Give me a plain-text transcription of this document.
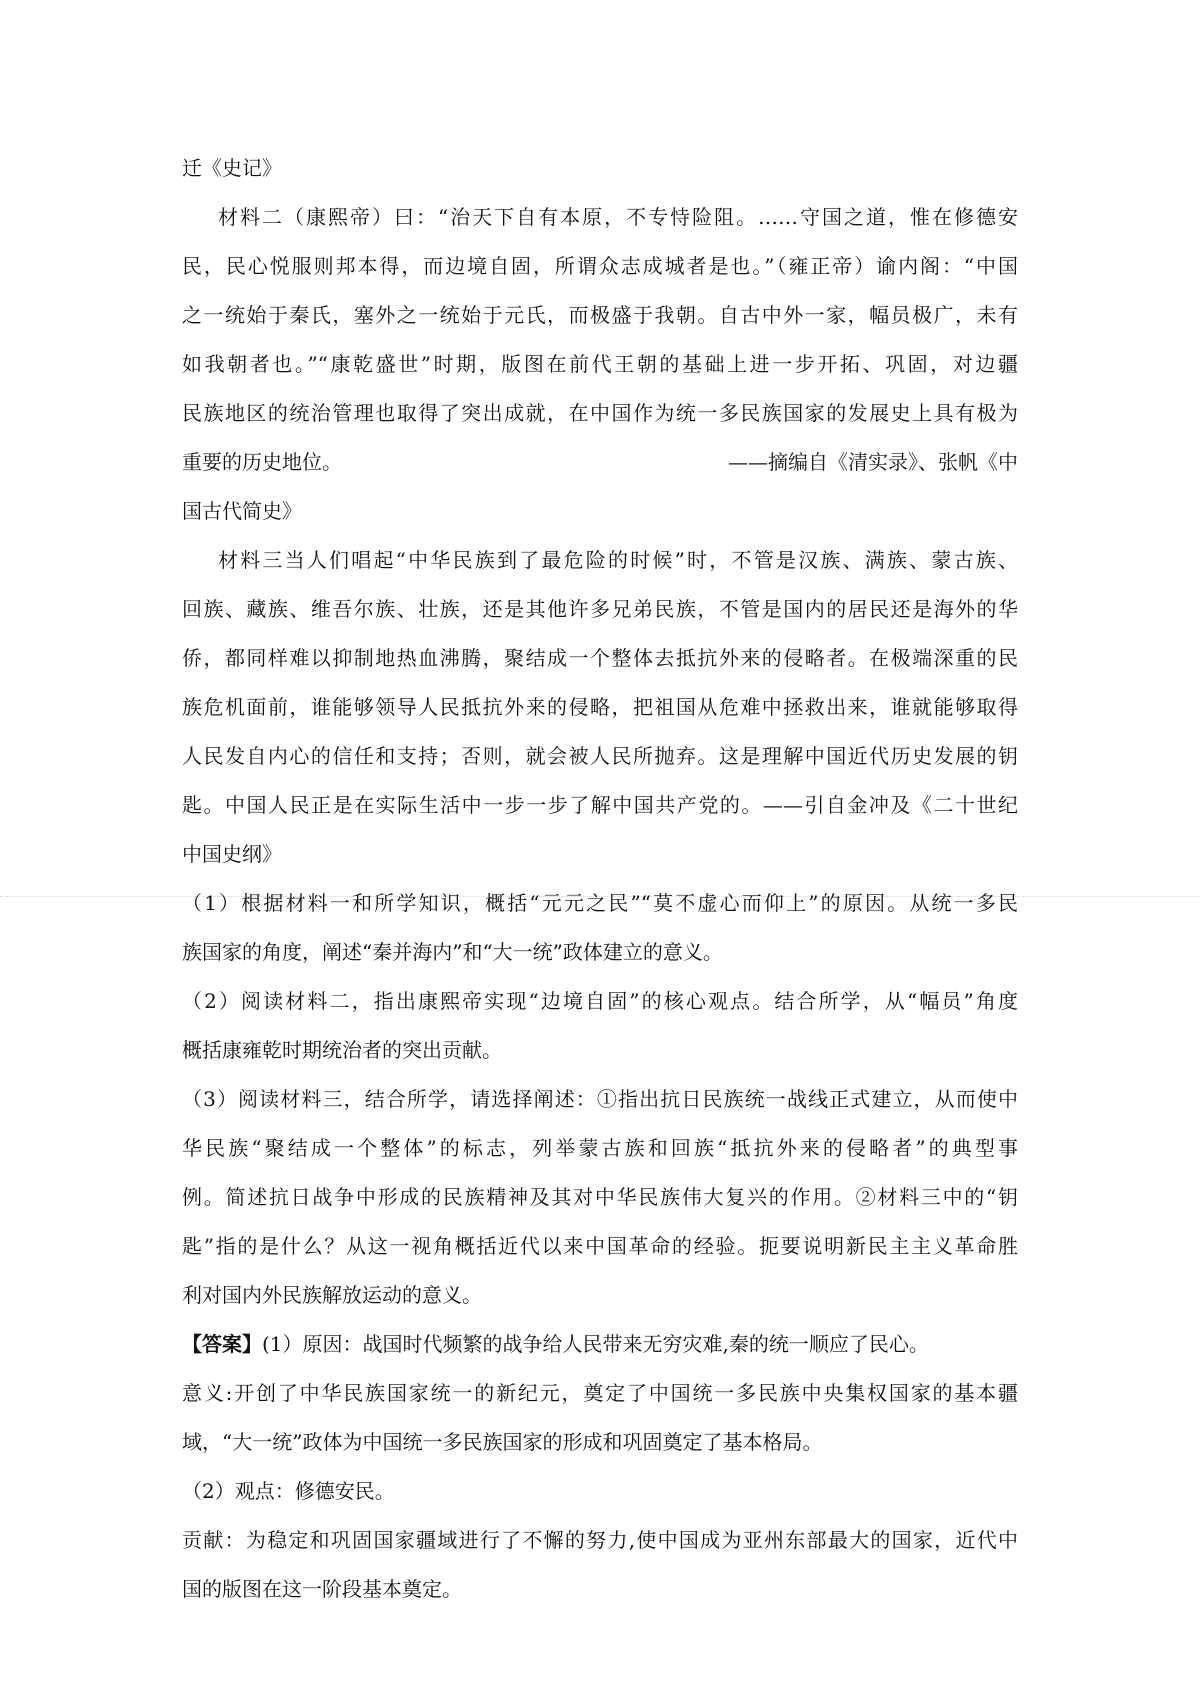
迁《史记》
材料二（康熙帝）曰：“治天下自有本原，不专恃险阻。……守国之道，惟在修德安
民，民心悦服则邦本得，而边境自固，所谓众志成城者是也。”（雍正帝）谕内阁：“中国
之一统始于秦氏，塞外之一统始于元氏，而极盛于我朝。自古中外一家，幅员极广，未有
如我朝者也。”“康乾盛世”时期，版图在前代王朝的基础上进一步开拓、巩固，对边疆
民族地区的统治管理也取得了突出成就，在中国作为统一多民族国家的发展史上具有极为
重要的历史地位。	——摘编自《清实录》、张帆《中
国古代简史》
材料三当人们唱起“中华民族到了最危险的时候”时，不管是汉族、满族、蒙古族、
回族、藏族、维吾尔族、壮族，还是其他许多兄弟民族，不管是国内的居民还是海外的华
侨，都同样难以抑制地热血沸腾，聚结成一个整体去抵抗外来的侵略者。在极端深重的民
族危机面前，谁能够领导人民抵抗外来的侵略，把祖国从危难中拯救出来，谁就能够取得
人民发自内心的信任和支持；否则，就会被人民所抛弃。这是理解中国近代历史发展的钥
匙。中国人民正是在实际生活中一步一步了解中国共产党的。——引自金冲及《二十世纪
中国史纲》
（1）根据材料一和所学知识，概括“元元之民”“莫不虚心而仰上”的原因。从统一多民
族国家的角度，阐述“秦并海内”和“大一统”政体建立的意义。
（2）阅读材料二，指出康熙帝实现“边境自固”的核心观点。结合所学，从“幅员”角度
概括康雍乾时期统治者的突出贡献。
（3）阅读材料三，结合所学，请选择阐述：①指出抗日民族统一战线正式建立，从而使中
华民族“聚结成一个整体”的标志，列举蒙古族和回族“抵抗外来的侵略者”的典型事
例。简述抗日战争中形成的民族精神及其对中华民族伟大复兴的作用。②材料三中的“钥
匙”指的是什么？从这一视角概括近代以来中国革命的经验。扼要说明新民主主义革命胜
利对国内外民族解放运动的意义。
【答案】(1）原因：战国时代频繁的战争给人民带来无穷灾难,秦的统一顺应了民心。
意义:开创了中华民族国家统一的新纪元，奠定了中国统一多民族中央集权国家的基本疆
域，“大一统”政体为中国统一多民族国家的形成和巩固奠定了基本格局。
（2）观点：修德安民。
贡献：为稳定和巩固国家疆域进行了不懈的努力,使中国成为亚州东部最大的国家，近代中
国的版图在这一阶段基本奠定。
